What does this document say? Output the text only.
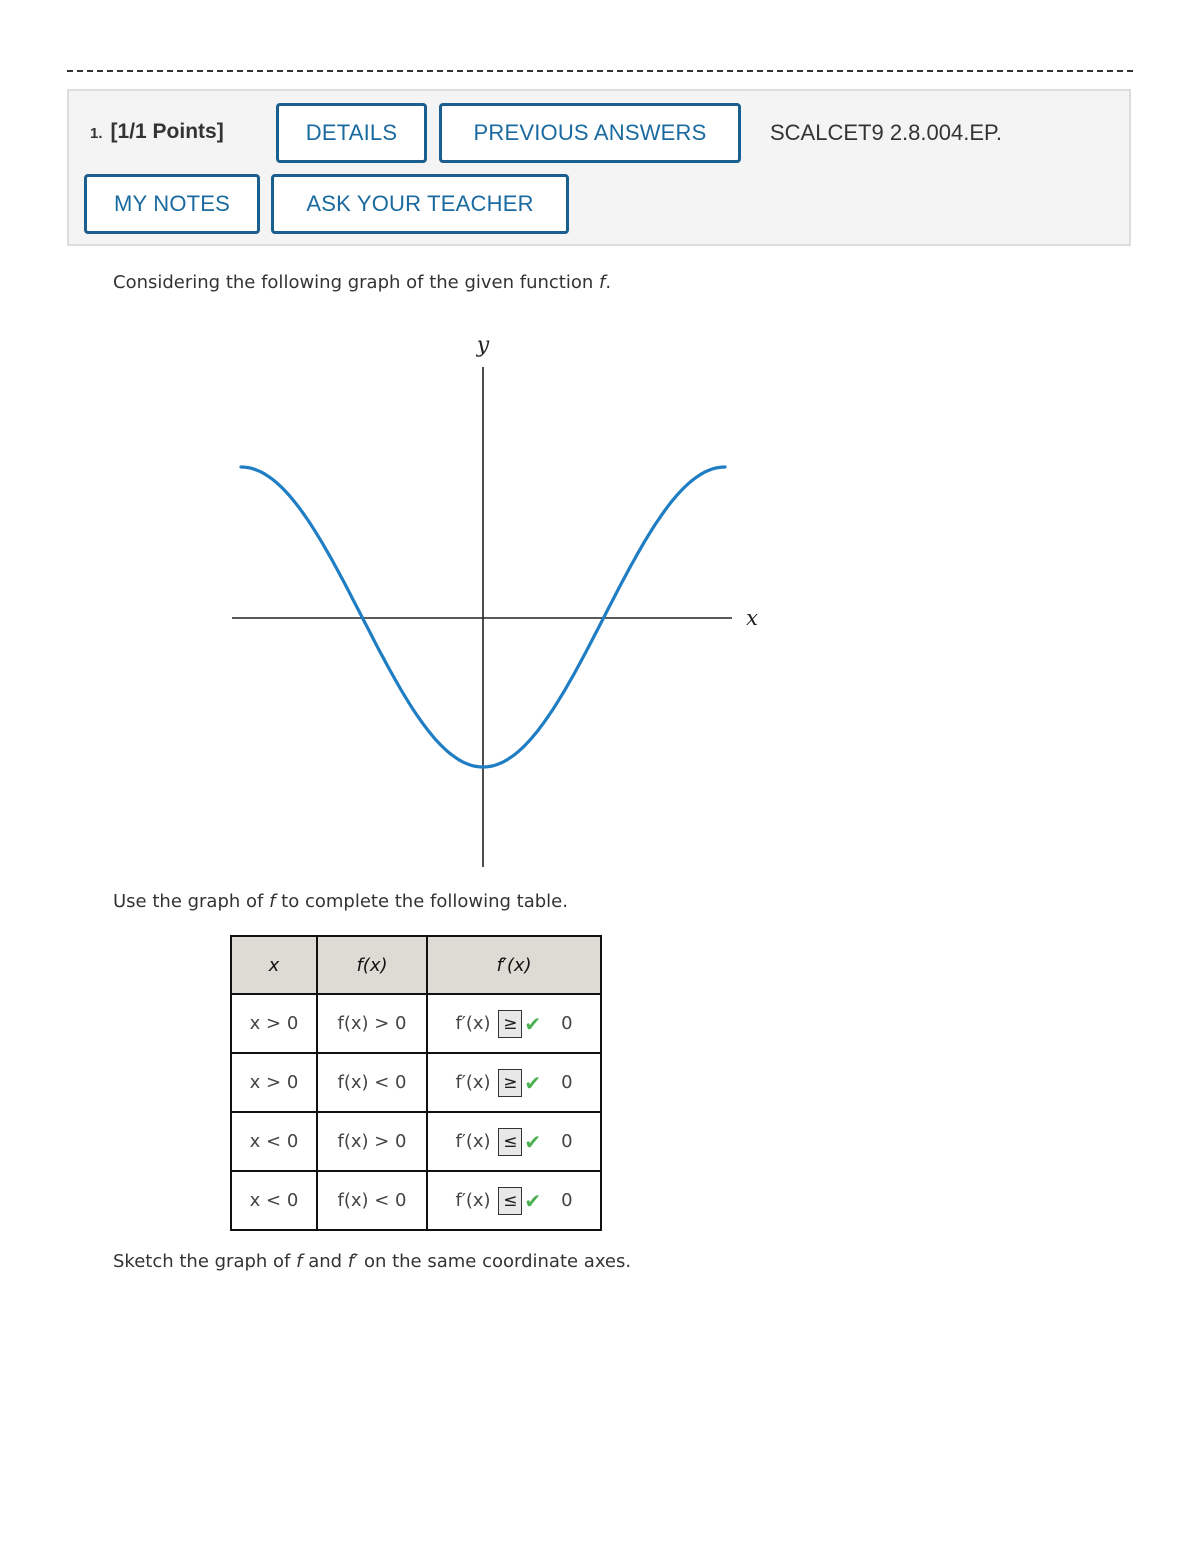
1. [1/1 Points]	DETAILS	PREVIOUS ANSWERS	SCALCET9 2.8.004.EP.
MY NOTES	ASK YOUR TEACHER
Considering the following graph of the given function f.
y
x
Use the graph of f to complete the following table.
x	f(x)	f′(x)
x > 0	f(x) > 0	f′(x) ≥ ✔ 0
x > 0	f(x) < 0	f′(x) ≥ ✔ 0
x < 0	f(x) > 0	f′(x) ≤ ✔ 0
x < 0	f(x) < 0	f′(x) ≤ ✔ 0
Sketch the graph of f and f′ on the same coordinate axes.
